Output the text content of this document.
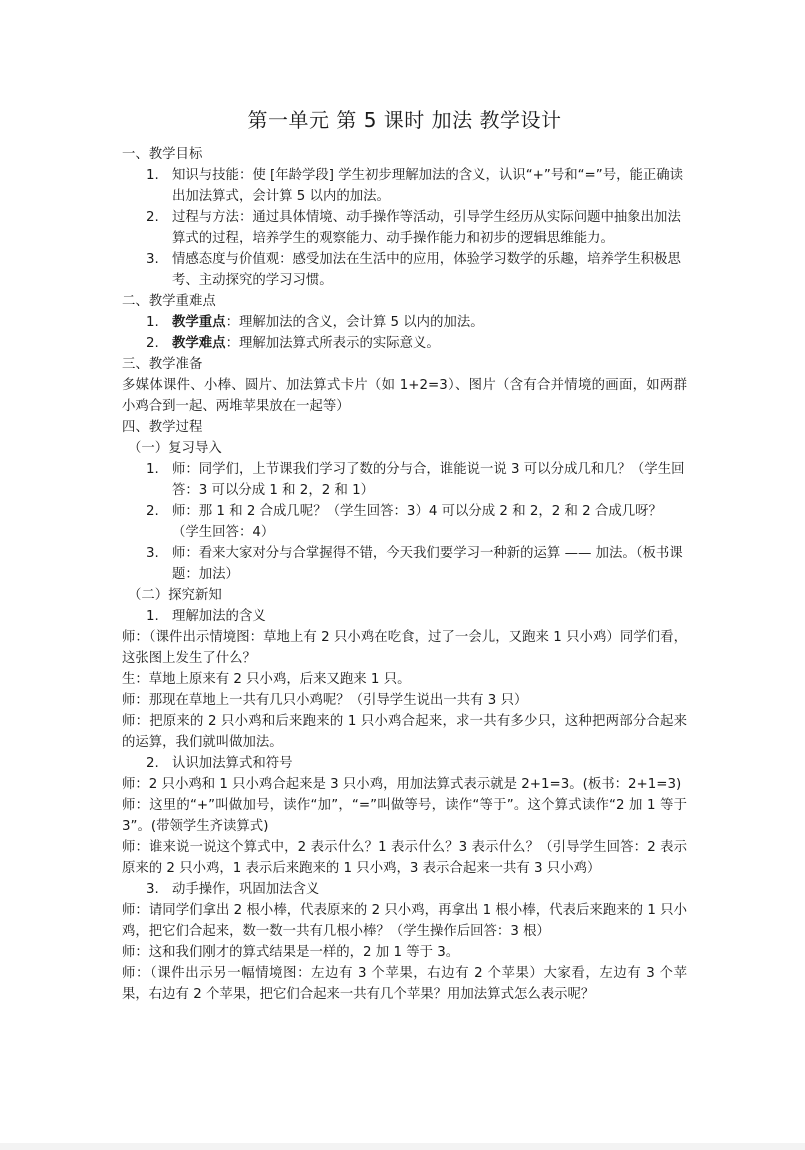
第一单元 第 5 课时 加法 教学设计
一、教学目标
1. 知识与技能：使 [年龄学段] 学生初步理解加法的含义，认识“+”号和“=”号，能正确读出加法算式，会计算 5 以内的加法。
2. 过程与方法：通过具体情境、动手操作等活动，引导学生经历从实际问题中抽象出加法算式的过程，培养学生的观察能力、动手操作能力和初步的逻辑思维能力。
3. 情感态度与价值观：感受加法在生活中的应用，体验学习数学的乐趣，培养学生积极思考、主动探究的学习习惯。
二、教学重难点
1. 教学重点：理解加法的含义，会计算 5 以内的加法。
2. 教学难点：理解加法算式所表示的实际意义。
三、教学准备

多媒体课件、小棒、圆片、加法算式卡片（如 1+2=3）、图片（含有合并情境的画面，如两群小鸡合到一起、两堆苹果放在一起等）

四、教学过程
（一）复习导入
1. 师：同学们，上节课我们学习了数的分与合，谁能说一说 3 可以分成几和几？（学生回答：3 可以分成 1 和 2，2 和 1）
2. 师：那 1 和 2 合成几呢？（学生回答：3）4 可以分成 2 和 2，2 和 2 合成几呀？（学生回答：4）
3. 师：看来大家对分与合掌握得不错，今天我们要学习一种新的运算 —— 加法。（板书课题：加法）
（二）探究新知
1. 理解加法的含义

师：（课件出示情境图：草地上有 2 只小鸡在吃食，过了一会儿，又跑来 1 只小鸡）同学们看，这张图上发生了什么？

生：草地上原来有 2 只小鸡，后来又跑来 1 只。

师：那现在草地上一共有几只小鸡呢？（引导学生说出一共有 3 只）

师：把原来的 2 只小鸡和后来跑来的 1 只小鸡合起来，求一共有多少只，这种把两部分合起来的运算，我们就叫做加法。

2. 认识加法算式和符号

师：2 只小鸡和 1 只小鸡合起来是 3 只小鸡，用加法算式表示就是 2+1=3。(板书：2+1=3)

师：这里的“+”叫做加号，读作“加”，“=”叫做等号，读作“等于”。这个算式读作“2 加 1 等于 3”。(带领学生齐读算式)

师：谁来说一说这个算式中，2 表示什么？1 表示什么？3 表示什么？（引导学生回答：2 表示原来的 2 只小鸡，1 表示后来跑来的 1 只小鸡，3 表示合起来一共有 3 只小鸡）

3. 动手操作，巩固加法含义

师：请同学们拿出 2 根小棒，代表原来的 2 只小鸡，再拿出 1 根小棒，代表后来跑来的 1 只小鸡，把它们合起来，数一数一共有几根小棒？（学生操作后回答：3 根）

师：这和我们刚才的算式结果是一样的，2 加 1 等于 3。

师：（课件出示另一幅情境图：左边有 3 个苹果，右边有 2 个苹果）大家看，左边有 3 个苹果，右边有 2 个苹果，把它们合起来一共有几个苹果？用加法算式怎么表示呢？
